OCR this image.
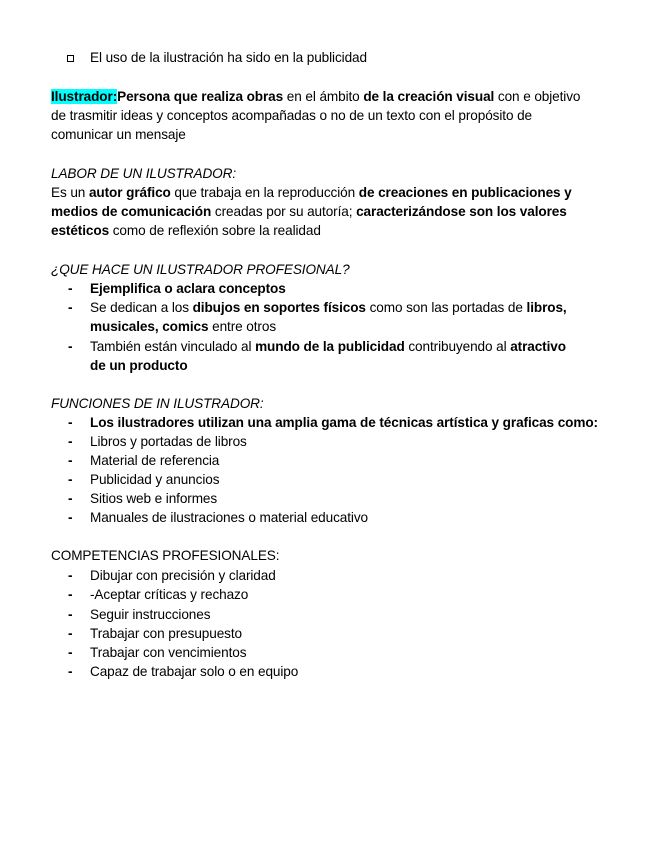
El uso de la ilustración ha sido en la publicidad
Ilustrador:Persona que realiza obras en el ámbito de la creación visual con e objetivo
de trasmitir ideas y conceptos acompañadas o no de un texto con el propósito de
comunicar un mensaje
LABOR DE UN ILUSTRADOR:
Es un autor gráfico que trabaja en la reproducción de creaciones en publicaciones y
medios de comunicación creadas por su autoría; caracterizándose son los valores
estéticos como de reflexión sobre la realidad
¿QUE HACE UN ILUSTRADOR PROFESIONAL?
-	Ejemplifica o aclara conceptos
-	Se dedican a los dibujos en soportes físicos como son las portadas de libros,
musicales, comics entre otros
-	También están vinculado al mundo de la publicidad contribuyendo al atractivo
de un producto
FUNCIONES DE IN ILUSTRADOR:
-	Los ilustradores utilizan una amplia gama de técnicas artística y graficas como:
-	Libros y portadas de libros
-	Material de referencia
-	Publicidad y anuncios
-	Sitios web e informes
-	Manuales de ilustraciones o material educativo
COMPETENCIAS PROFESIONALES:
-	Dibujar con precisión y claridad
-	-Aceptar críticas y rechazo
-	Seguir instrucciones
-	Trabajar con presupuesto
-	Trabajar con vencimientos
-	Capaz de trabajar solo o en equipo
